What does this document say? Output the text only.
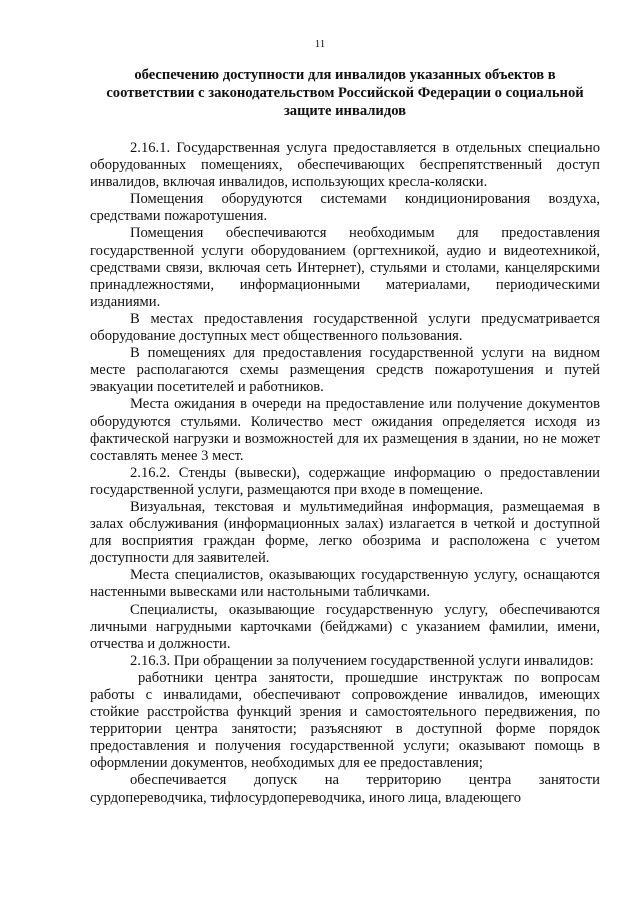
11
обеспечению доступности для инвалидов указанных объектов в соответствии с законодательством Российской Федерации о социальной защите инвалидов

2.16.1. Государственная услуга предоставляется в отдельных специально оборудованных помещениях, обеспечивающих беспрепятственный доступ инвалидов, включая инвалидов, использующих кресла-коляски.

Помещения оборудуются системами кондиционирования воздуха, средствами пожаротушения.

Помещения обеспечиваются необходимым для предоставления государственной услуги оборудованием (оргтехникой, аудио и видеотехникой, средствами связи, включая сеть Интернет), стульями и столами, канцелярскими принадлежностями, информационными материалами, периодическими изданиями.

В местах предоставления государственной услуги предусматривается оборудование доступных мест общественного пользования.

В помещениях для предоставления государственной услуги на видном месте располагаются схемы размещения средств пожаротушения и путей эвакуации посетителей и работников.

Места ожидания в очереди на предоставление или получение документов оборудуются стульями. Количество мест ожидания определяется исходя из фактической нагрузки и возможностей для их размещения в здании, но не может составлять менее 3 мест.

2.16.2. Стенды (вывески), содержащие информацию о предоставлении государственной услуги, размещаются при входе в помещение.

Визуальная, текстовая и мультимедийная информация, размещаемая в залах обслуживания (информационных залах) излагается в четкой и доступной для восприятия граждан форме, легко обозрима и расположена с учетом доступности для заявителей.

Места специалистов, оказывающих государственную услугу, оснащаются настенными вывесками или настольными табличками.

Специалисты, оказывающие государственную услугу, обеспечиваются личными нагрудными карточками (бейджами) с указанием фамилии, имени, отчества и должности.

2.16.3. При обращении за получением государственной услуги инвалидов:

работники центра занятости, прошедшие инструктаж по вопросам работы с инвалидами, обеспечивают сопровождение инвалидов, имеющих стойкие расстройства функций зрения и самостоятельного передвижения, по территории центра занятости; разъясняют в доступной форме порядок предоставления и получения государственной услуги; оказывают помощь в оформлении документов, необходимых для ее предоставления;

обеспечивается допуск на территорию центра занятости сурдопереводчика, тифлосурдопереводчика, иного лица, владеющего
